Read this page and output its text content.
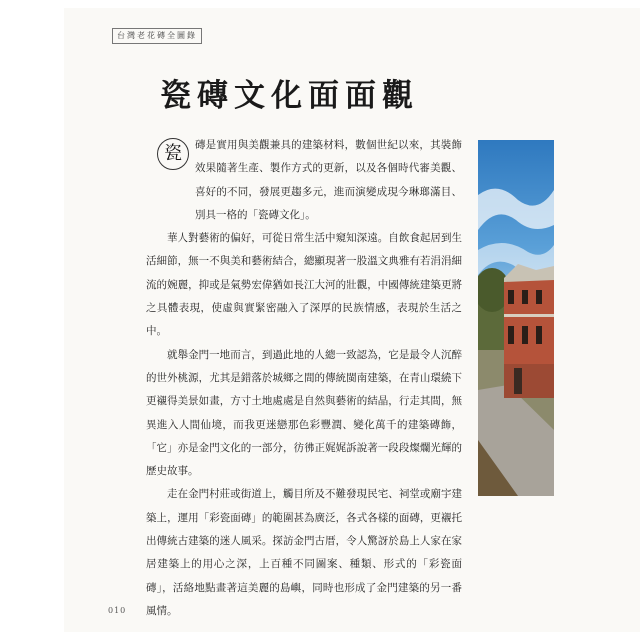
台灣老花磚全圖錄
瓷磚文化面面觀

磚是實用與美觀兼具的建築材料，數個世紀以來，其裝飾效果隨著生產、製作方式的更新，以及各個時代審美觀、喜好的不同，發展更趨多元，進而演變成現今琳瑯滿目、別具一格的「瓷磚文化」。

華人對藝術的偏好，可從日常生活中窺知深遠。自飲食起居到生活細節，無一不與美和藝術結合，總顯現著一股溫文典雅有若涓涓細流的婉麗，抑或是氣勢宏偉猶如長江大河的壯觀，中國傳統建築更將之具體表現，使虛與實緊密融入了深厚的民族情感，表現於生活之中。

就舉金門一地而言，到過此地的人總一致認為，它是最令人沉醉的世外桃源，尤其是錯落於城鄉之間的傳統閩南建築，在青山環繞下更襯得美景如畫，方寸土地處處是自然與藝術的結晶，行走其間，無異進入人間仙境，而我更迷戀那色彩豐潤、變化萬千的建築磚飾，「它」亦是金門文化的一部分，彷彿正娓娓訴說著一段段燦爛光輝的歷史故事。

走在金門村莊或街道上，觸目所及不難發現民宅、祠堂或廟宇建築上，運用「彩瓷面磚」的範圍甚為廣泛，各式各樣的面磚，更襯托出傳統古建築的迷人風采。探訪金門古厝，令人驚訝於島上人家在家居建築上的用心之深，上百種不同圖案、種類、形式的「彩瓷面磚」，活絡地點畫著這美麗的島嶼，同時也形成了金門建築的另一番風情。

瓷
010
